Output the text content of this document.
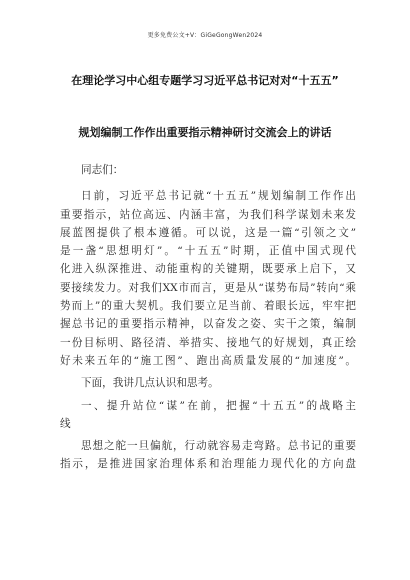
更多免费公文+V：GiGeGongWen2024
在理论学习中心组专题学习习近平总书记对对“十五五”
规划编制工作作出重要指示精神研讨交流会上的讲话
同志们：
日前，习近平总书记就“十五五”规划编制工作作出
重要指示，站位高远、内涵丰富，为我们科学谋划未来发
展蓝图提供了根本遵循。可以说，这是一篇“引领之文”
是一盏“思想明灯”。“十五五”时期，正值中国式现代
化进入纵深推进、动能重构的关键期，既要承上启下，又
要接续发力。对我们XX市而言，更是从“谋势布局”转向“乘
势而上”的重大契机。我们要立足当前、着眼长远，牢牢把
握总书记的重要指示精神，以奋发之姿、实干之策，编制
一份目标明、路径清、举措实、接地气的好规划，真正绘
好未来五年的“施工图”、跑出高质量发展的“加速度”。
下面，我讲几点认识和思考。
一、提升站位“谋”在前，把握“十五五”的战略主
线
思想之舵一旦偏航，行动就容易走弯路。总书记的重要
指示，是推进国家治理体系和治理能力现代化的方向盘
